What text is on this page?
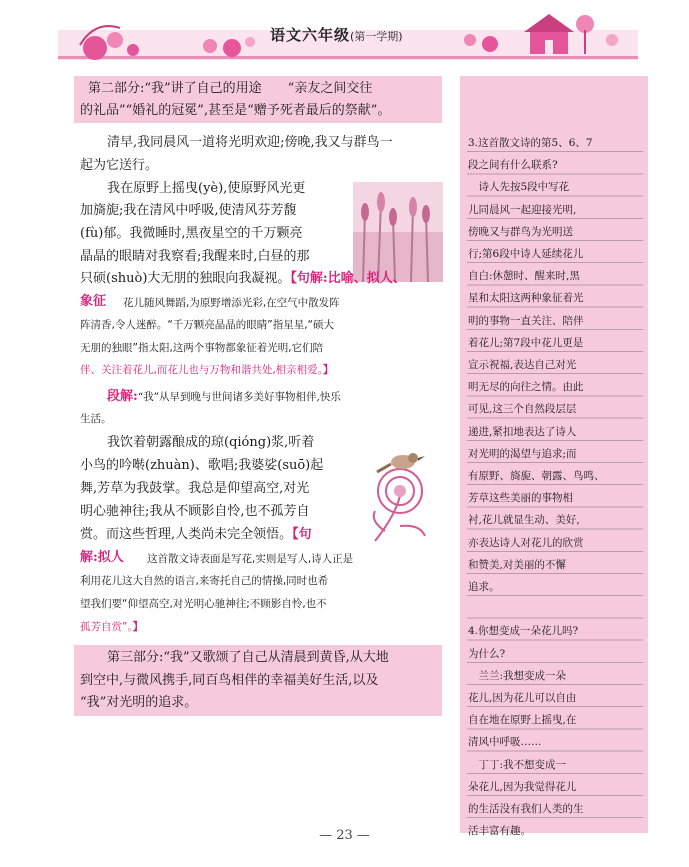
语文六年级(第一学期)
第二部分:“我”讲了自己的用途　　“亲友之间交往
的礼品”“婚礼的冠冕”,甚至是“赠予死者最后的祭献”。
清早,我同晨风一道将光明欢迎;傍晚,我又与群鸟一
起为它送行。
我在原野上摇曳(yè),使原野风光更
加旖旎;我在清风中呼吸,使清风芬芳馥
(fù)郁。我微睡时,黑夜星空的千万颗亮
晶晶的眼睛对我察看;我醒来时,白昼的那
只硕(shuò)大无朋的独眼向我凝视。【句解:比喻、拟人、
象征 花儿随风舞蹈,为原野增添光彩,在空气中散发阵
阵清香,令人迷醉。“千万颗亮晶晶的眼睛”指星星,“硕大
无朋的独眼”指太阳,这两个事物都象征着光明,它们陪
伴、关注着花儿,而花儿也与万物和谐共处,相亲相爱。】
段解:“我”从早到晚与世间诸多美好事物相伴,快乐
生活。
我饮着朝露酿成的琼(qióng)浆,听着
小鸟的吟啭(zhuàn)、歌唱;我婆娑(suō)起
舞,芳草为我鼓掌。我总是仰望高空,对光
明心驰神往;我从不顾影自怜,也不孤芳自
赏。而这些哲理,人类尚未完全领悟。【句
解:拟人 这首散文诗表面是写花,实则是写人,诗人正是
利用花儿这大自然的语言,来寄托自己的情操,同时也希
望我们要“仰望高空,对光明心驰神往;不顾影自怜,也不
孤芳自赏”。】
第三部分:“我”又歌颂了自己从清晨到黄昏,从大地
到空中,与微风携手,同百鸟相伴的幸福美好生活,以及
“我”对光明的追求。
3.这首散文诗的第5、6、7
段之间有什么联系?
　诗人先按5段中写花
儿同晨风一起迎接光明,
傍晚又与群鸟为光明送
行;第6段中诗人延续花儿
自白:休憩时、醒来时,黑
星和太阳这两种象征着光
明的事物一直关注、陪伴
着花儿;第7段中花儿更是
宣示祝福,表达自己对光
明无尽的向往之情。由此
可见,这三个自然段层层
递进,紧扣地表达了诗人
对光明的渴望与追求;而
有原野、旖旎、朝露、鸟鸣、
芳草这些美丽的事物相
衬,花儿就显生动、美好,
亦表达诗人对花儿的欣赏
和赞美,对美丽的不懈
追求。
4.你想变成一朵花儿吗?
为什么?
　兰兰:我想变成一朵
花儿,因为花儿可以自由
自在地在原野上摇曳,在
清风中呼吸……
　丁丁:我不想变成一
朵花儿,因为我觉得花儿
的生活没有我们人类的生
活丰富有趣。
— 23 —
